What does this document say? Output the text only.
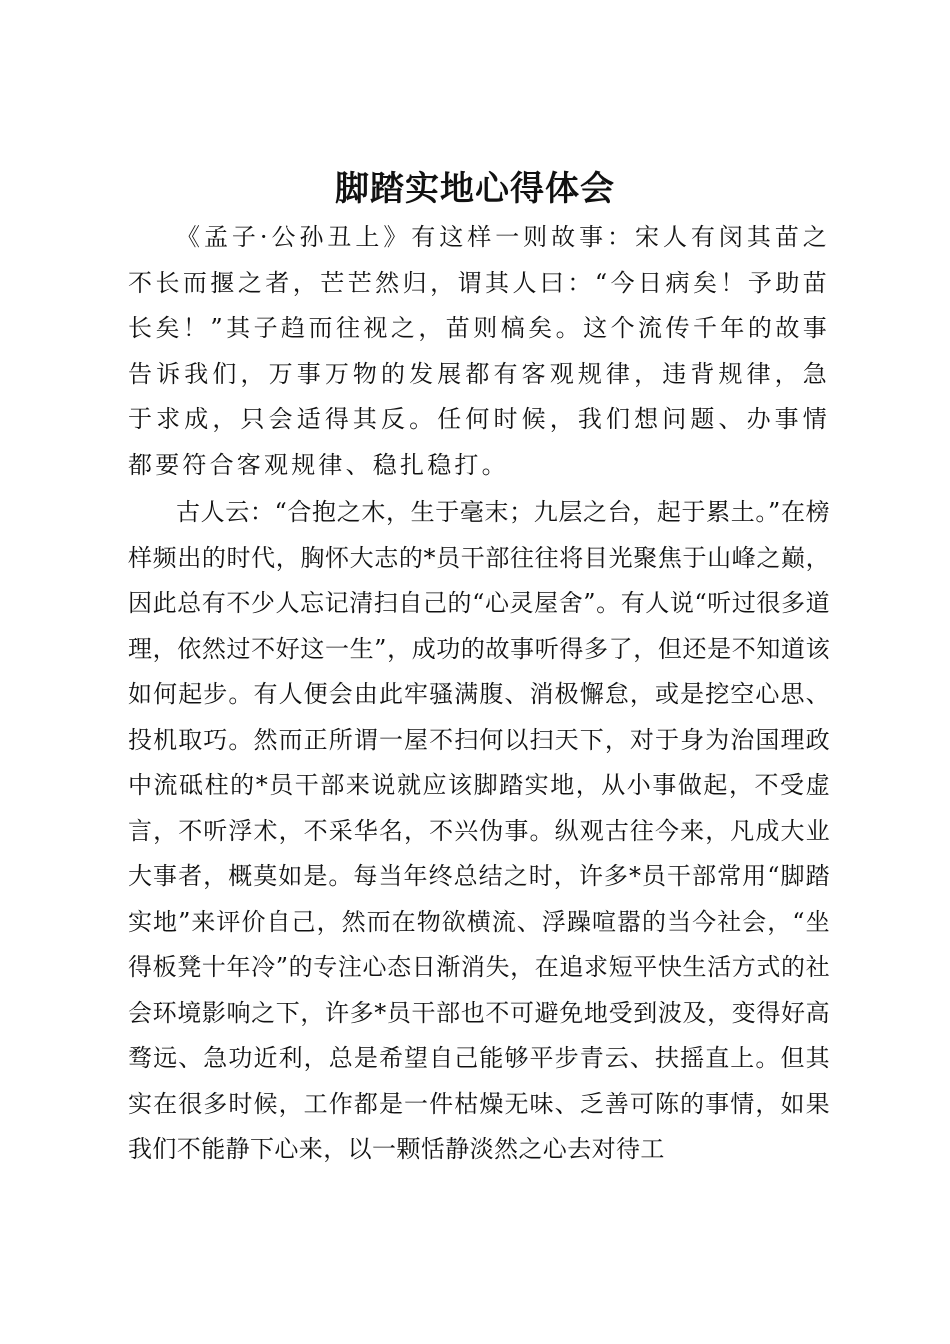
脚踏实地心得体会

《孟子·公孙丑上》有这样一则故事：宋人有闵其苗之不长而揠之者，芒芒然归，谓其人曰：“今日病矣！予助苗长矣！”其子趋而往视之，苗则槁矣。这个流传千年的故事告诉我们，万事万物的发展都有客观规律，违背规律，急于求成，只会适得其反。任何时候，我们想问题、办事情都要符合客观规律、稳扎稳打。

古人云：“合抱之木，生于毫末；九层之台，起于累土。”在榜样频出的时代，胸怀大志的*员干部往往将目光聚焦于山峰之巅，因此总有不少人忘记清扫自己的“心灵屋舍”。有人说“听过很多道理，依然过不好这一生”，成功的故事听得多了，但还是不知道该如何起步。有人便会由此牢骚满腹、消极懈怠，或是挖空心思、投机取巧。然而正所谓一屋不扫何以扫天下，对于身为治国理政中流砥柱的*员干部来说就应该脚踏实地，从小事做起，不受虚言，不听浮术，不采华名，不兴伪事。纵观古往今来，凡成大业大事者，概莫如是。每当年终总结之时，许多*员干部常用“脚踏实地”来评价自己，然而在物欲横流、浮躁喧嚣的当今社会，“坐得板凳十年冷”的专注心态日渐消失，在追求短平快生活方式的社会环境影响之下，许多*员干部也不可避免地受到波及，变得好高骛远、急功近利，总是希望自己能够平步青云、扶摇直上。但其实在很多时候，工作都是一件枯燥无味、乏善可陈的事情，如果我们不能静下心来，以一颗恬静淡然之心去对待工
